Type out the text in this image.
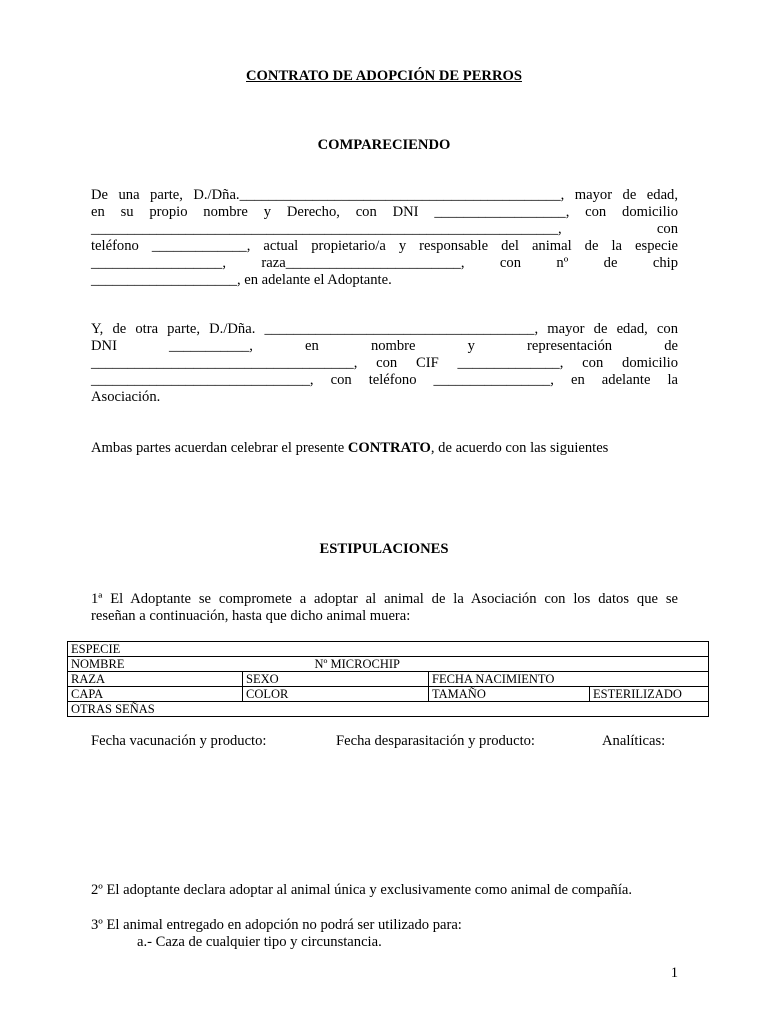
CONTRATO DE ADOPCIÓN DE PERROS
COMPARECIENDO
De una parte, D./Dña.____________________________________________, mayor de edad,
en su propio nombre y Derecho, con DNI __________________, con domicilio
________________________________________________________________, con
teléfono _____________, actual propietario/a y responsable del animal de la especie
__________________, raza________________________, con nº de chip
____________________, en adelante el Adoptante.
Y, de otra parte, D./Dña. _____________________________________, mayor de edad, con
DNI ___________, en nombre y representación de
____________________________________, con CIF ______________, con domicilio
______________________________, con teléfono ________________, en adelante la
Asociación.
Ambas partes acuerdan celebrar el presente CONTRATO, de acuerdo con las siguientes
ESTIPULACIONES
1ª El Adoptante se compromete a adoptar al animal de la Asociación con los datos que se
reseñan a continuación, hasta que dicho animal muera:
ESPECIE			
NOMBRE Nº MICROCHIP			

RAZA	SEXO	FECHA NACIMIENTO	
CAPA	COLOR	TAMAÑO	ESTERILIZADO
OTRAS SEÑAS			
Fecha vacunación y producto:	Fecha desparasitación y producto:	Analíticas:
2º El adoptante declara adoptar al animal única y exclusivamente como animal de compañía.
3º El animal entregado en adopción no podrá ser utilizado para:
a.- Caza de cualquier tipo y circunstancia.
1
